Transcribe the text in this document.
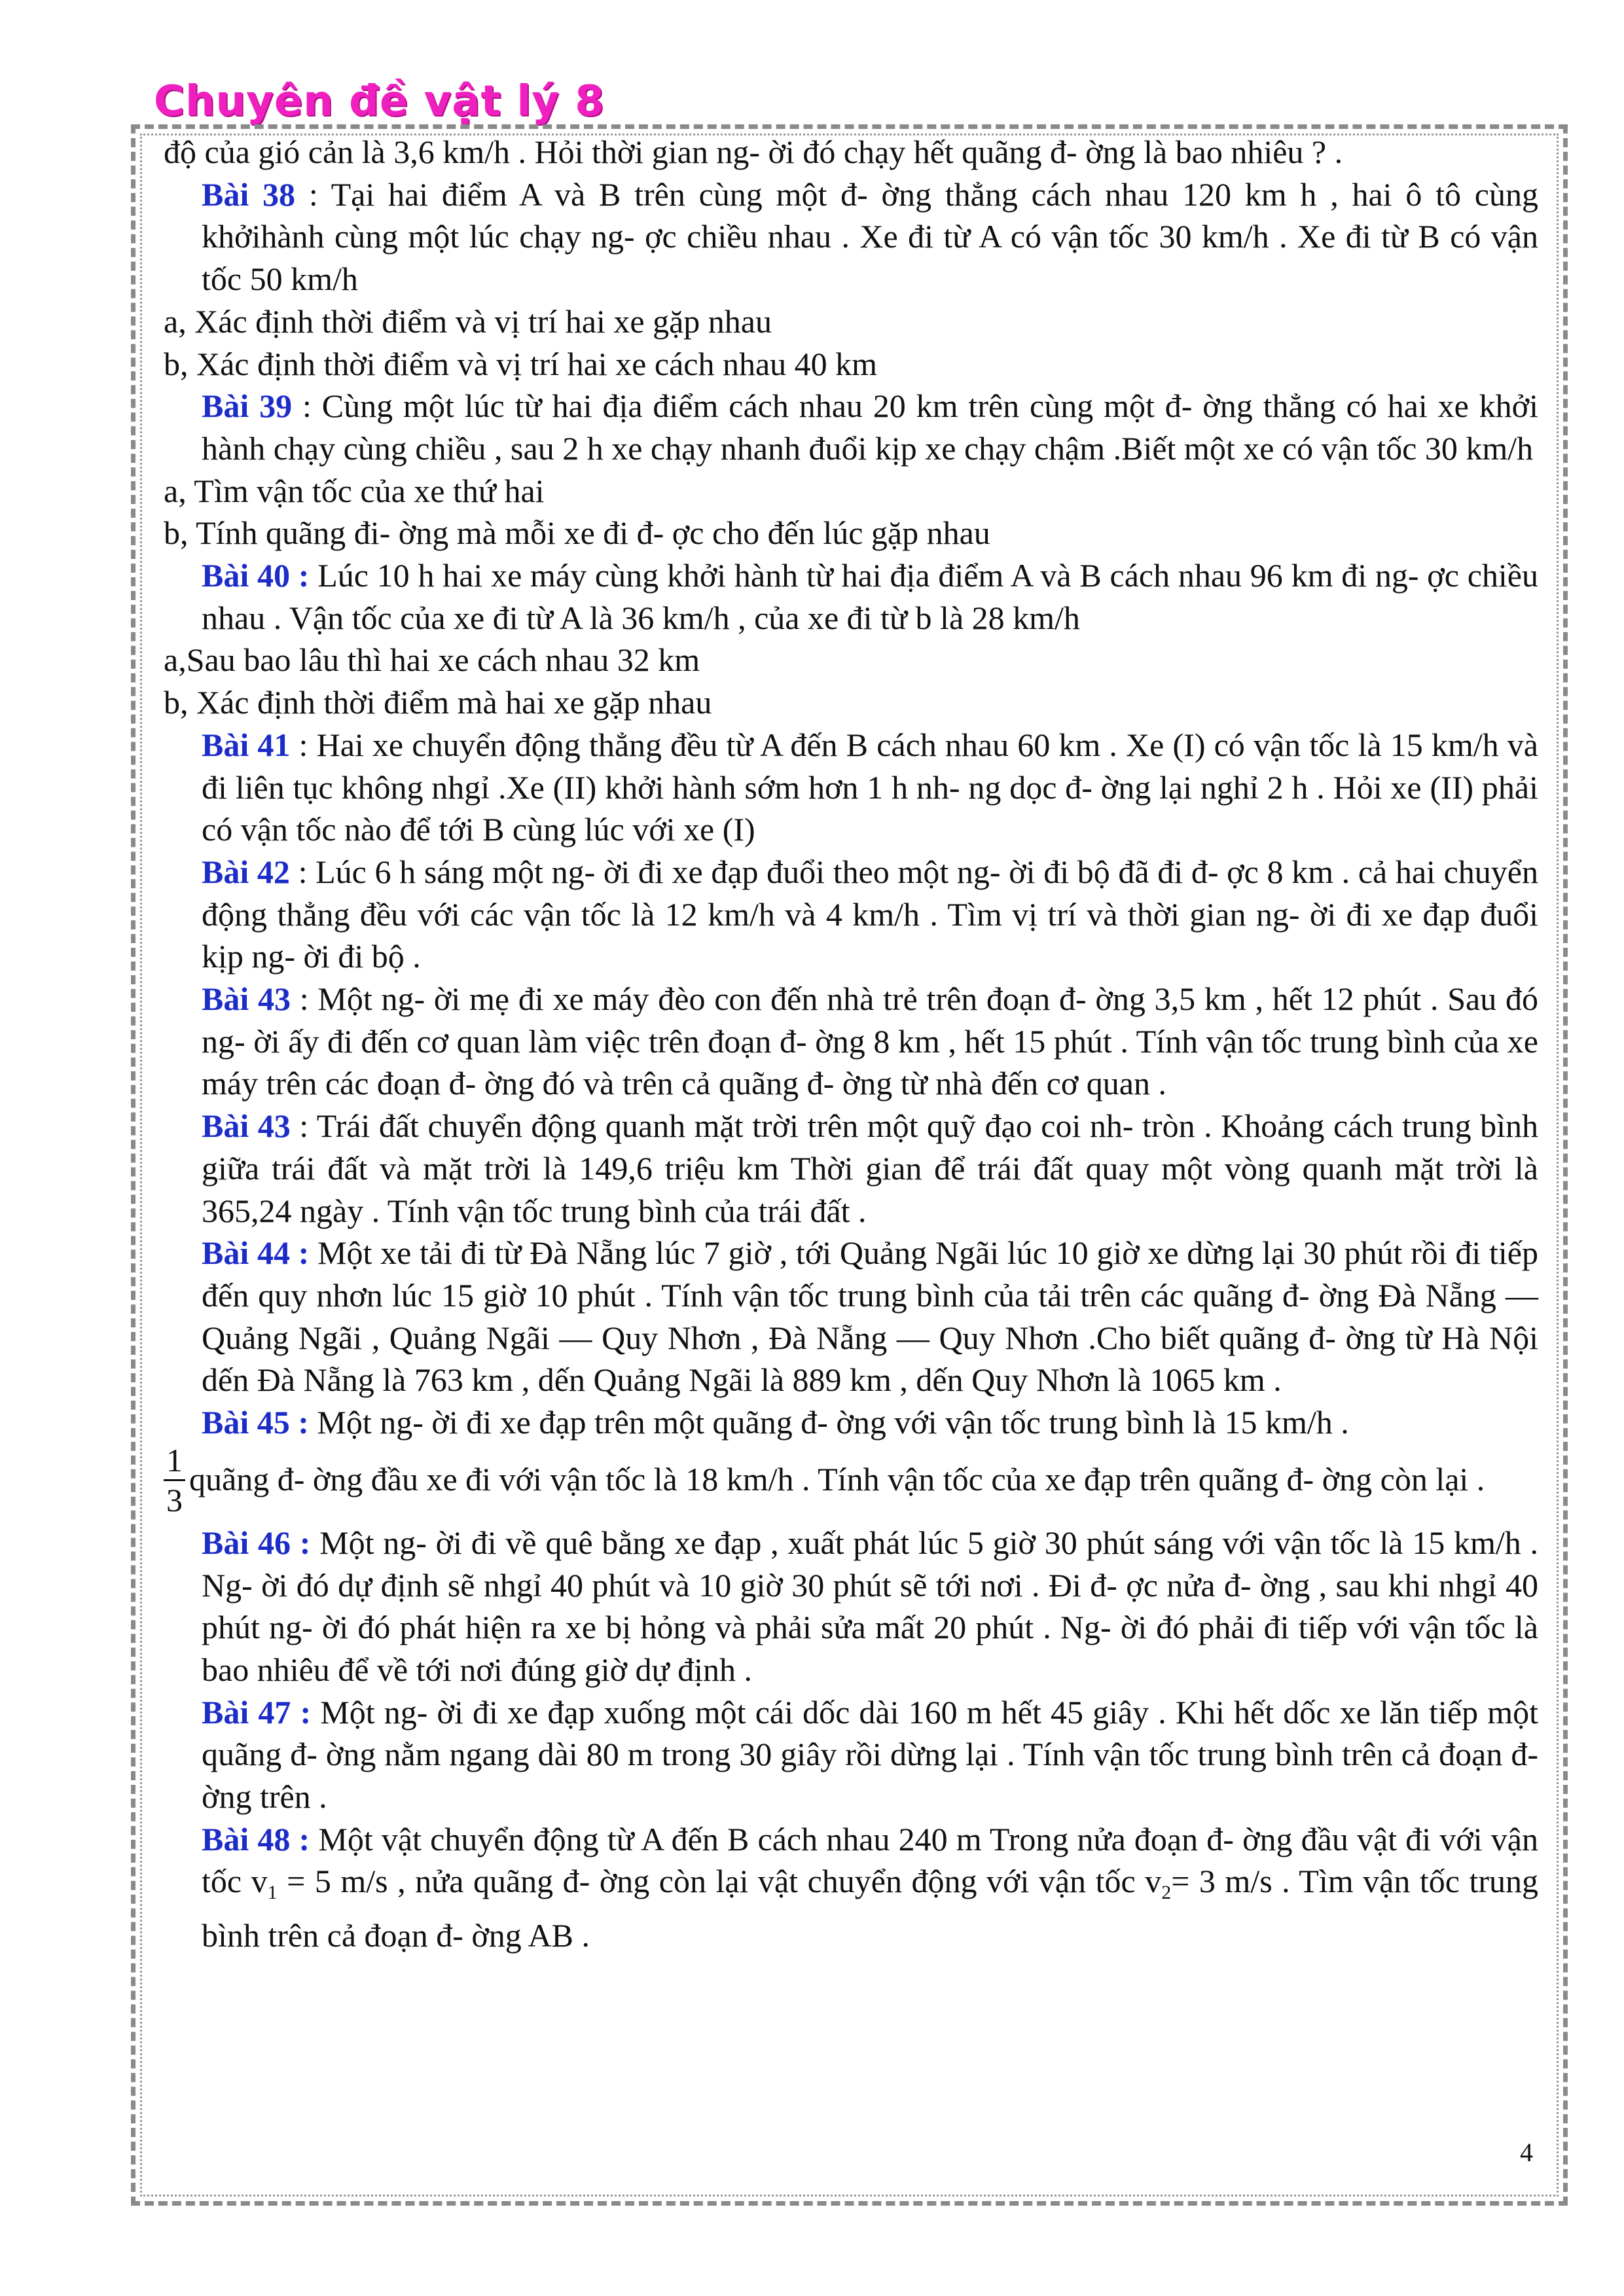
Chuyên đề vật lý 8
độ của gió cản là 3,6 km/h . Hỏi thời gian ng- ời đó chạy hết quãng đ- ờng là bao nhiêu ? .
Bài 38 : Tại hai điểm A và B trên cùng một đ- ờng thẳng cách nhau 120 km h , hai ô tô cùng khởihành cùng một lúc chạy ng- ợc chiều nhau . Xe đi từ A có vận tốc 30 km/h . Xe đi từ B có vận tốc 50 km/h
a, Xác định thời điểm và vị trí hai xe gặp nhau
b, Xác định thời điểm và vị trí hai xe cách nhau 40 km
Bài 39 : Cùng một lúc từ hai địa điểm cách nhau 20 km trên cùng một đ- ờng thẳng có hai xe khởi hành chạy cùng chiều , sau 2 h xe chạy nhanh đuổi kịp xe chạy chậm .Biết một xe có vận tốc 30 km/h
a, Tìm vận tốc của xe thứ hai
b, Tính quãng đi- ờng mà mỗi xe đi đ- ợc cho đến lúc gặp nhau
Bài 40 : Lúc 10 h hai xe máy cùng khởi hành từ hai địa điểm A và B cách nhau 96 km đi ng- ợc chiều nhau . Vận tốc của xe đi từ A là 36 km/h , của xe đi từ b là 28 km/h
a,Sau bao lâu thì hai xe cách nhau 32 km
b, Xác định thời điểm mà hai xe gặp nhau
Bài 41 : Hai xe chuyển động thẳng đều từ A đến B cách nhau 60 km . Xe (I) có vận tốc là 15 km/h và đi liên tục không nhgỉ .Xe (II) khởi hành sớm hơn 1 h nh- ng dọc đ- ờng lại nghỉ 2 h . Hỏi xe (II) phải có vận tốc nào để tới B cùng lúc với xe (I)
Bài 42 : Lúc 6 h sáng một ng- ời đi xe đạp đuổi theo một ng- ời đi bộ đã đi đ- ợc 8 km . cả hai chuyển động thẳng đều với các vận tốc là 12 km/h và 4 km/h . Tìm vị trí và thời gian ng- ời đi xe đạp đuổi kịp ng- ời đi bộ .
Bài 43 : Một ng- ời mẹ đi xe máy đèo con đến nhà trẻ trên đoạn đ- ờng 3,5 km , hết 12 phút . Sau đó ng- ời ấy đi đến cơ quan làm việc trên đoạn đ- ờng 8 km , hết 15 phút . Tính vận tốc trung bình của xe máy trên các đoạn đ- ờng đó và trên cả quãng đ- ờng từ nhà đến cơ quan .
Bài 43 : Trái đất chuyển động quanh mặt trời trên một quỹ đạo coi nh- tròn . Khoảng cách trung bình giữa trái đất và mặt trời là 149,6 triệu km Thời gian để trái đất quay một vòng quanh mặt trời là 365,24 ngày . Tính vận tốc trung bình của trái đất .
Bài 44 : Một xe tải đi từ Đà Nẵng lúc 7 giờ , tới Quảng Ngãi lúc 10 giờ xe dừng lại 30 phút rồi đi tiếp đến quy nhơn lúc 15 giờ 10 phút . Tính vận tốc trung bình của tải trên các quãng đ- ờng Đà Nẵng — Quảng Ngãi , Quảng Ngãi — Quy Nhơn , Đà Nẵng — Quy Nhơn .Cho biết quãng đ- ờng từ Hà Nội dến Đà Nẵng là 763 km , dến Quảng Ngãi là 889 km , dến Quy Nhơn là 1065 km .
Bài 45 : Một ng- ời đi xe đạp trên một quãng đ- ờng với vận tốc trung bình là 15 km/h .
$\frac{1}{3}$ quãng đ- ờng đầu xe đi với vận tốc là 18 km/h . Tính vận tốc của xe đạp trên quãng đ- ờng còn lại .
Bài 46 : Một ng- ời đi về quê bằng xe đạp , xuất phát lúc 5 giờ 30 phút sáng với vận tốc là 15 km/h . Ng- ời đó dự định sẽ nhgỉ 40 phút và 10 giờ 30 phút sẽ tới nơi . Đi đ- ợc nửa đ- ờng , sau khi nhgỉ 40 phút ng- ời đó phát hiện ra xe bị hỏng và phải sửa mất 20 phút . Ng- ời đó phải đi tiếp với vận tốc là bao nhiêu để về tới nơi đúng giờ dự định .
Bài 47 : Một ng- ời đi xe đạp xuống một cái dốc dài 160 m hết 45 giây . Khi hết dốc xe lăn tiếp một quãng đ- ờng nằm ngang dài 80 m trong 30 giây rồi dừng lại . Tính vận tốc trung bình trên cả đoạn đ- ờng trên .
Bài 48 : Một vật chuyển động từ A đến B cách nhau 240 m Trong nửa đoạn đ- ờng đầu vật đi với vận tốc $v_1 = 5$ m/s , nửa quãng đ- ờng còn lại vật chuyển động với vận tốc $v_2= 3$ m/s . Tìm vận tốc trung bình trên cả đoạn đ- ờng AB .
4
